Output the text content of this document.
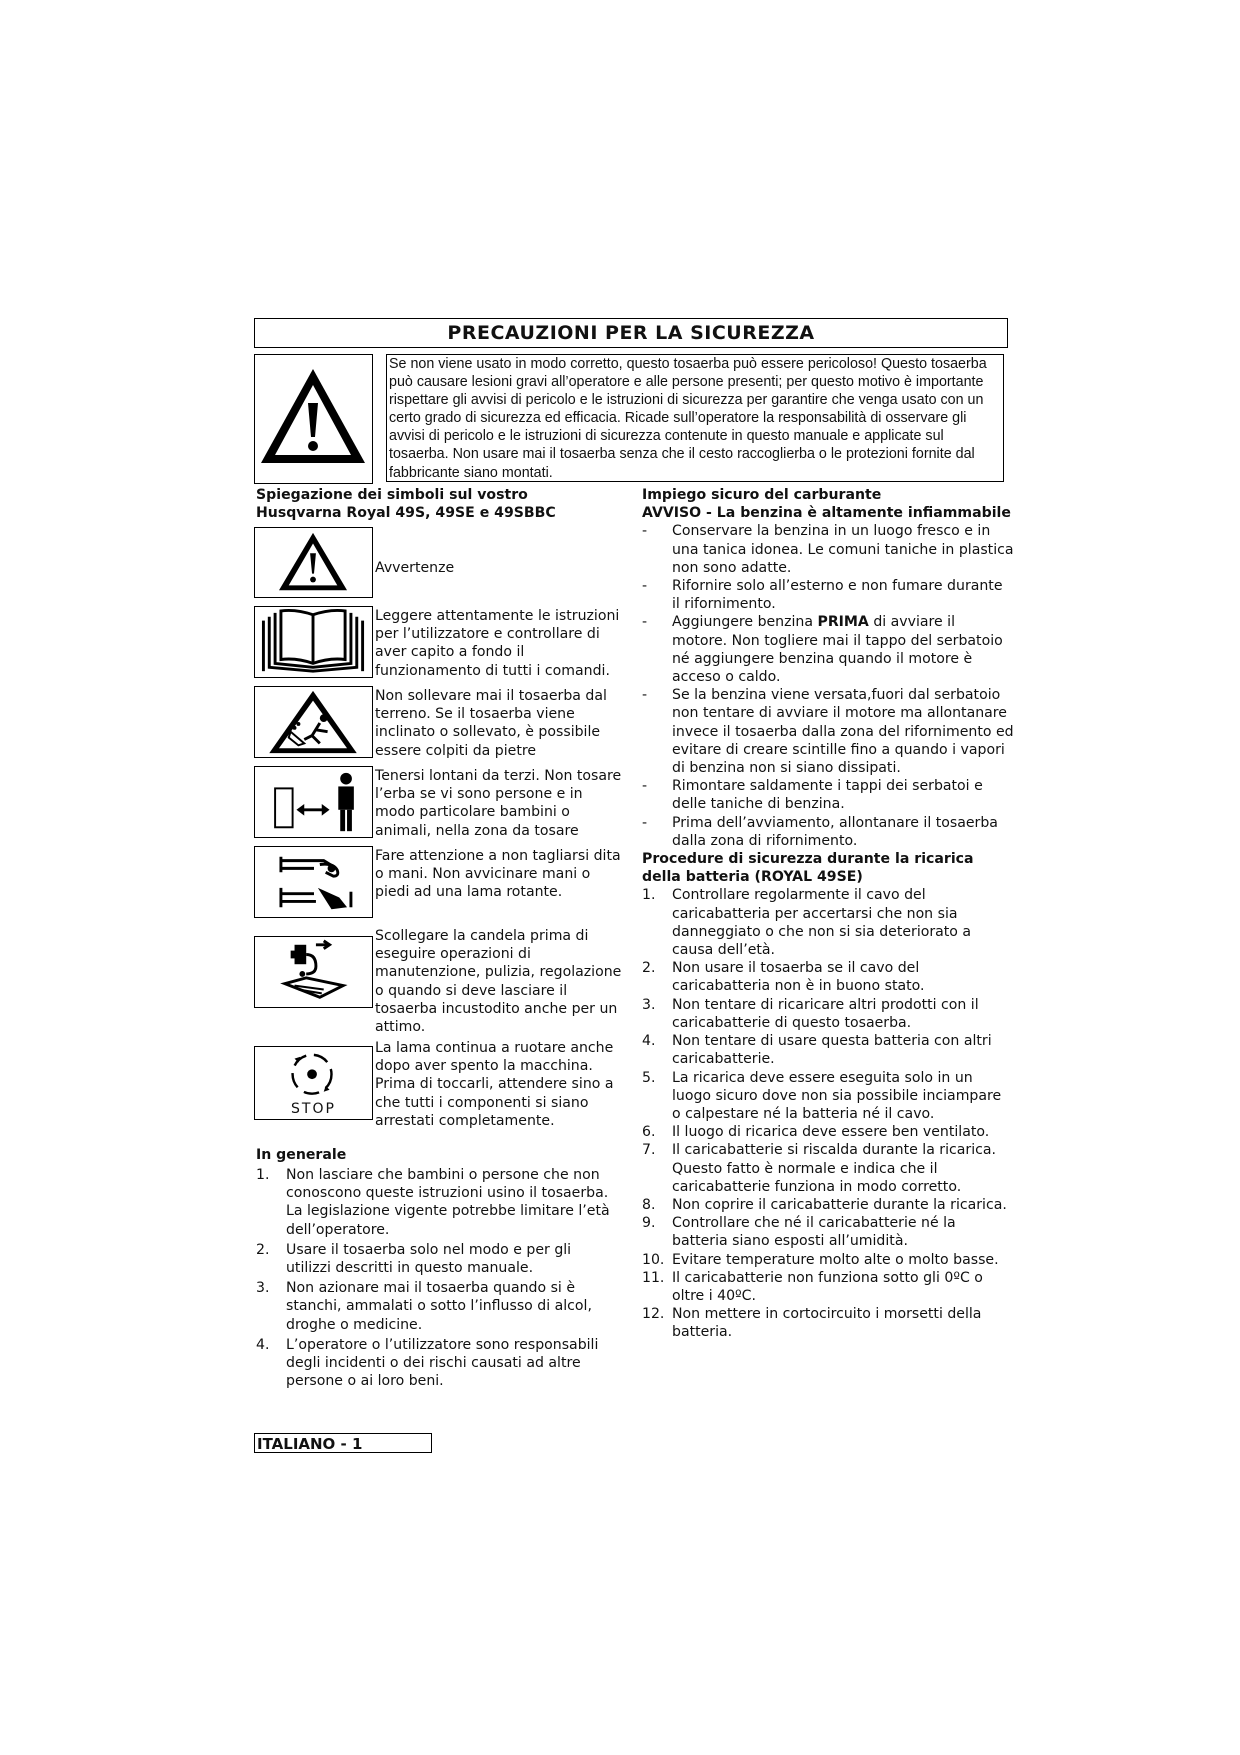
PRECAUZIONI PER LA SICUREZZA
Se non viene usato in modo corretto, questo tosaerba può essere pericoloso! Questo tosaerba può causare lesioni gravi all’operatore e alle persone presenti; per questo motivo è importante rispettare gli avvisi di pericolo e le istruzioni di sicurezza per garantire che venga usato con un certo grado di sicurezza ed efficacia. Ricade sull’operatore la responsabilità di osservare gli avvisi di pericolo e le istruzioni di sicurezza contenute in questo manuale e applicate sul tosaerba. Non usare mai il tosaerba senza che il cesto raccoglierba o le protezioni fornite dal fabbricante siano montati.
Spiegazione dei simboli sul vostro
Husqvarna Royal 49S, 49SE e 49SBBC
Avvertenze
Leggere attentamente le istruzioni per l’utilizzatore e controllare di aver capito a fondo il funzionamento di tutti i comandi.
Non sollevare mai il tosaerba dal terreno. Se il tosaerba viene inclinato o sollevato, è possibile essere colpiti da pietre
Tenersi lontani da terzi. Non tosare l’erba se vi sono persone e in modo particolare bambini o animali, nella zona da tosare
Fare attenzione a non tagliarsi dita o mani. Non avvicinare mani o piedi ad una lama rotante.
Scollegare la candela prima di eseguire operazioni di manutenzione, pulizia, regolazione o quando si deve lasciare il tosaerba incustodito anche per un attimo.
STOP
La lama continua a ruotare anche dopo aver spento la macchina. Prima di toccarli, attendere sino a che tutti i componenti si siano arrestati completamente.
In generale
1.	Non lasciare che bambini o persone che non conoscono queste istruzioni usino il tosaerba. La legislazione vigente potrebbe limitare l’età dell’operatore.
2.	Usare il tosaerba solo nel modo e per gli utilizzi descritti in questo manuale.
3.	Non azionare mai il tosaerba quando si è stanchi, ammalati o sotto l’influsso di alcol, droghe o medicine.
4.	L’operatore o l’utilizzatore sono responsabili degli incidenti o dei rischi causati ad altre persone o ai loro beni.
Impiego sicuro del carburante
AVVISO - La benzina è altamente infiammabile
-	Conservare la benzina in un luogo fresco e in una tanica idonea. Le comuni taniche in plastica non sono adatte.
-	Rifornire solo all’esterno e non fumare durante il rifornimento.
-	Aggiungere benzina PRIMA di avviare il motore. Non togliere mai il tappo del serbatoio né aggiungere benzina quando il motore è acceso o caldo.
-	Se la benzina viene versata,fuori dal serbatoio non tentare di avviare il motore ma allontanare invece il tosaerba dalla zona del rifornimento ed evitare di creare scintille fino a quando i vapori di benzina non si siano dissipati.
-	Rimontare saldamente i tappi dei serbatoi e delle taniche di benzina.
-	Prima dell’avviamento, allontanare il tosaerba dalla zona di rifornimento.
Procedure di sicurezza durante la ricarica
della batteria (ROYAL 49SE)
1.	Controllare regolarmente il cavo del caricabatteria per accertarsi che non sia danneggiato o che non si sia deteriorato a causa dell’età.
2.	Non usare il tosaerba se il cavo del caricabatteria non è in buono stato.
3.	Non tentare di ricaricare altri prodotti con il caricabatterie di questo tosaerba.
4.	Non tentare di usare questa batteria con altri caricabatterie.
5.	La ricarica deve essere eseguita solo in un luogo sicuro dove non sia possibile inciampare o calpestare né la batteria né il cavo.
6.	Il luogo di ricarica deve essere ben ventilato.
7.	Il caricabatterie si riscalda durante la ricarica. Questo fatto è normale e indica che il caricabatterie funziona in modo corretto.
8.	Non coprire il caricabatterie durante la ricarica.
9.	Controllare che né il caricabatterie né la batteria siano esposti all’umidità.
10. Evitare temperature molto alte o molto basse.
11. Il caricabatterie non funziona sotto gli 0ºC o oltre i 40ºC.
12. Non mettere in cortocircuito i morsetti della batteria.
ITALIANO - 1
